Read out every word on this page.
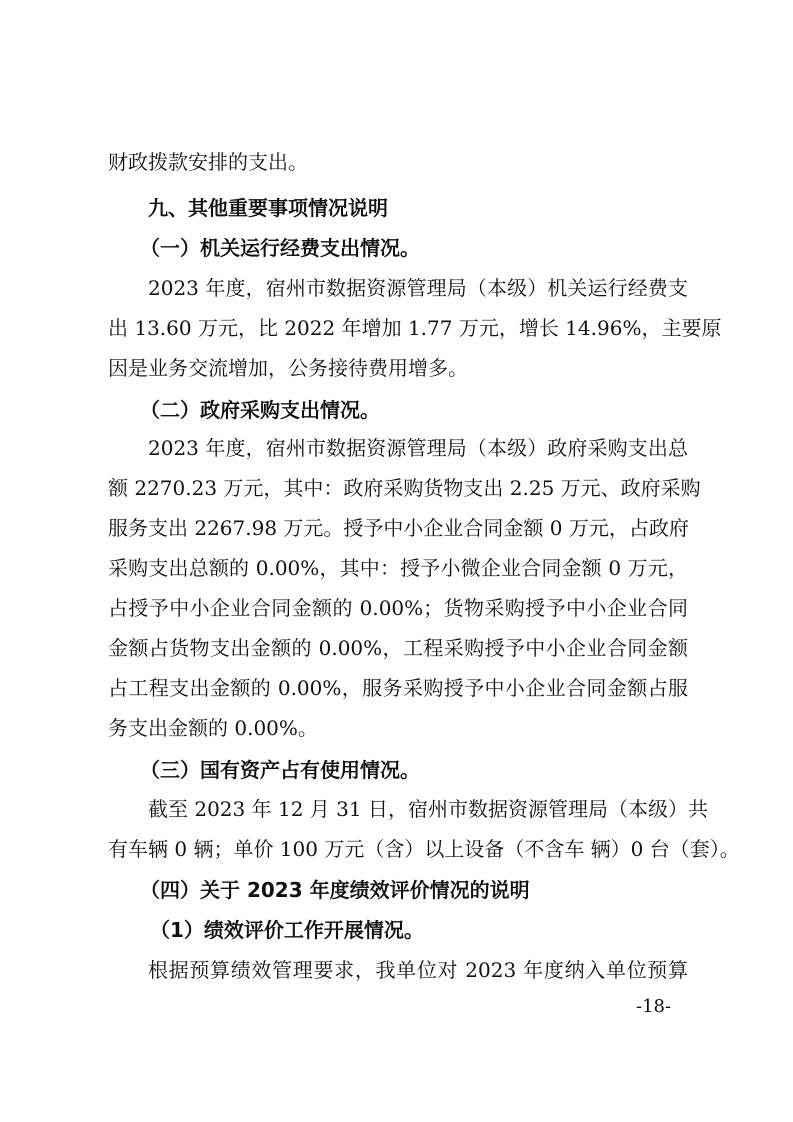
财政拨款安排的支出。
九、其他重要事项情况说明
（一）机关运行经费支出情况。
2023 年度，宿州市数据资源管理局（本级）机关运行经费支
出 13.60 万元，比 2022 年增加 1.77 万元，增长 14.96%，主要原
因是业务交流增加，公务接待费用增多。
（二）政府采购支出情况。
2023 年度，宿州市数据资源管理局（本级）政府采购支出总
额 2270.23 万元，其中：政府采购货物支出 2.25 万元、政府采购
服务支出 2267.98 万元。授予中小企业合同金额 0 万元，占政府
采购支出总额的 0.00%，其中：授予小微企业合同金额 0 万元，
占授予中小企业合同金额的 0.00%；货物采购授予中小企业合同
金额占货物支出金额的 0.00%，工程采购授予中小企业合同金额
占工程支出金额的 0.00%，服务采购授予中小企业合同金额占服
务支出金额的 0.00%。
（三）国有资产占有使用情况。
截至 2023 年 12 月 31 日，宿州市数据资源管理局（本级）共
有车辆 0 辆；单价 100 万元（含）以上设备（不含车 辆）0 台（套）。
（四）关于 2023 年度绩效评价情况的说明
（1）绩效评价工作开展情况。
根据预算绩效管理要求，我单位对 2023 年度纳入单位预算
-18-
